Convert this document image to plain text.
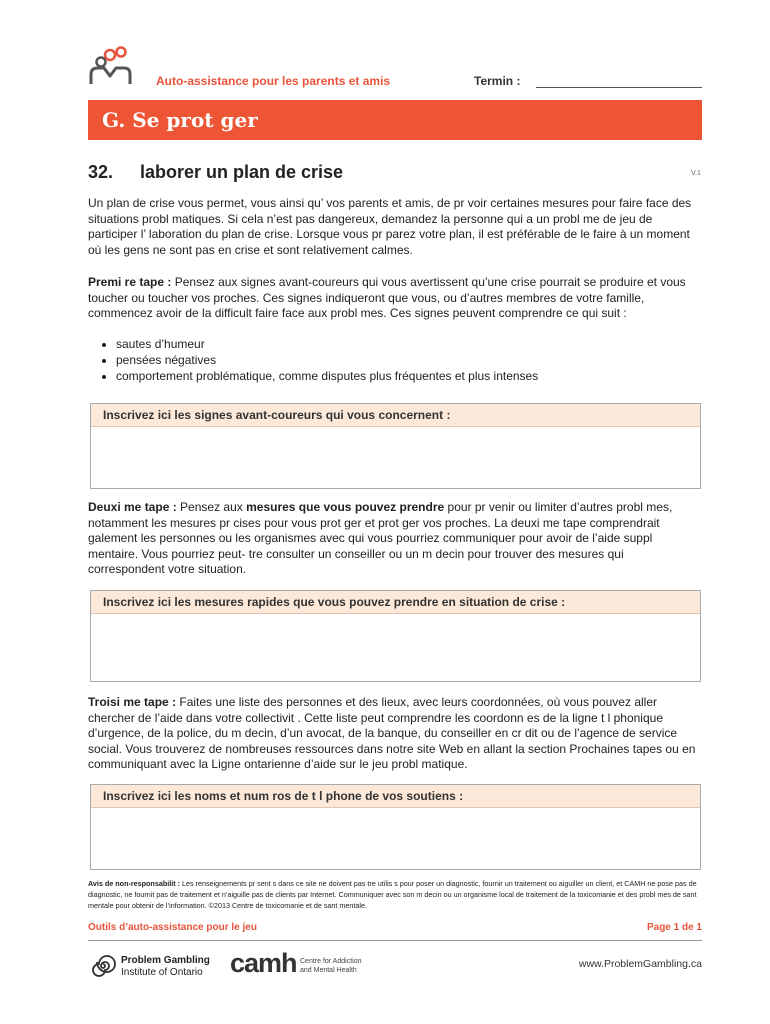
Auto-assistance pour les parents et amis	Termin :
G. Se prot ger
32. laborer un plan de crise	V.1

Un plan de crise vous permet, vous ainsi qu’ vos parents et amis, de pr voir certaines mesures pour faire face des situations probl matiques. Si cela n’est pas dangereux, demandez la personne qui a un probl me de jeu de participer l’ laboration du plan de crise. Lorsque vous pr parez votre plan, il est préférable de le faire à un moment où les gens ne sont pas en crise et sont relativement calmes.

Premi re tape : Pensez aux signes avant-coureurs qui vous avertissent qu’une crise pourrait se produire et vous toucher ou toucher vos proches. Ces signes indiqueront que vous, ou d’autres membres de votre famille, commencez avoir de la difficult faire face aux probl mes. Ces signes peuvent comprendre ce qui suit :

• sautes d’humeur
• pensées négatives
• comportement problématique, comme disputes plus fréquentes et plus intenses
Inscrivez ici les signes avant-coureurs qui vous concernent :

Deuxi me tape : Pensez aux mesures que vous pouvez prendre pour pr venir ou limiter d’autres probl mes, notamment les mesures pr cises pour vous prot ger et prot ger vos proches. La deuxi me tape comprendrait galement les personnes ou les organismes avec qui vous pourriez communiquer pour avoir de l’aide suppl mentaire. Vous pourriez peut- tre consulter un conseiller ou un m decin pour trouver des mesures qui correspondent votre situation.

Inscrivez ici les mesures rapides que vous pouvez prendre en situation de crise :

Troisi me tape : Faites une liste des personnes et des lieux, avec leurs coordonnées, où vous pouvez aller chercher de l’aide dans votre collectivit . Cette liste peut comprendre les coordonn es de la ligne t l phonique d’urgence, de la police, du m decin, d’un avocat, de la banque, du conseiller en cr dit ou de l’agence de service social. Vous trouverez de nombreuses ressources dans notre site Web en allant la section Prochaines tapes ou en communiquant avec la Ligne ontarienne d’aide sur le jeu probl matique.

Inscrivez ici les noms et num ros de t l phone de vos soutiens :
Avis de non-responsabilit : Les renseignements pr sent s dans ce site ne doivent pas tre utilis s pour poser un diagnostic, fournir un traitement ou aiguiller un client, et CAMH ne pose pas de diagnostic, ne fournit pas de traitement et n’aiguille pas de clients par Internet. Communiquer avec son m decin ou un organisme local de traitement de la toxicomanie et des probl mes de sant mentale pour obtenir de l’information. ©2013 Centre de toxicomanie et de sant mentale.
Outils d’auto-assistance pour le jeu	Page 1 de 1
Problem Gambling
Institute of Ontario camh Centre for Addiction
and Mental Health
www.ProblemGambling.ca
